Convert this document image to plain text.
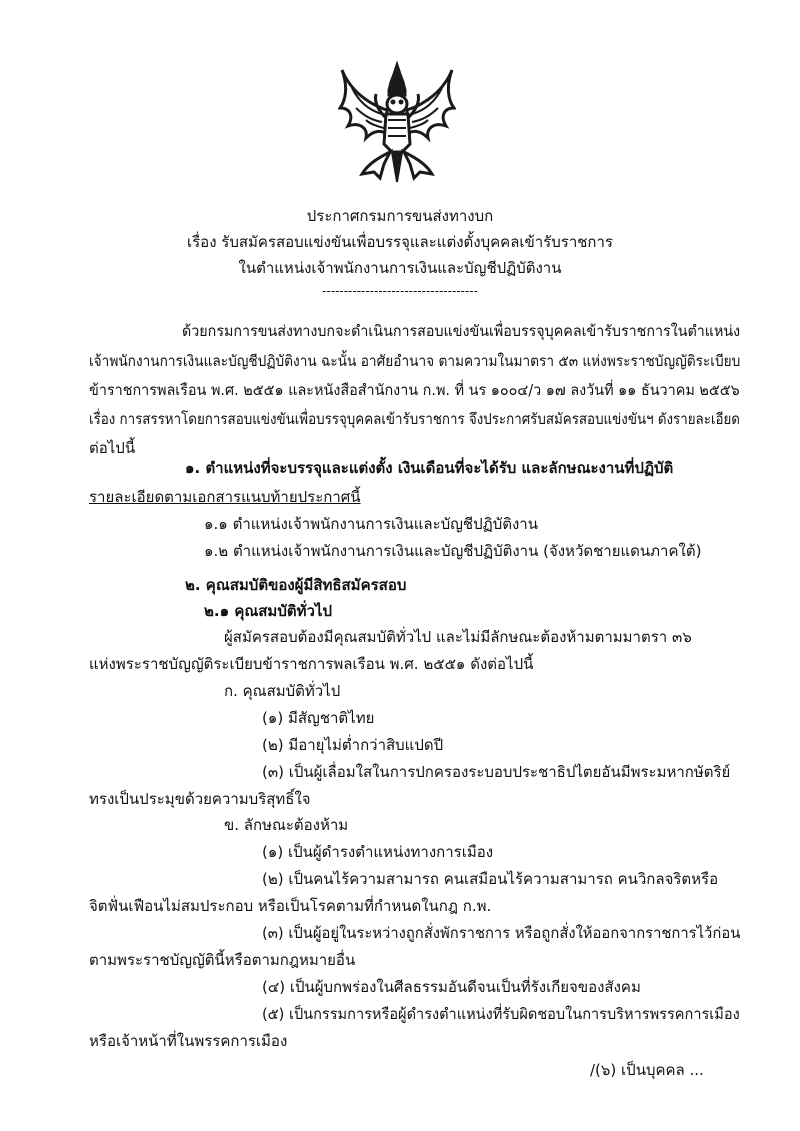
ประกาศกรมการขนส่งทางบก
เรื่อง รับสมัครสอบแข่งขันเพื่อบรรจุและแต่งตั้งบุคคลเข้ารับราชการ
ในตำแหน่งเจ้าพนักงานการเงินและบัญชีปฏิบัติงาน
------------------------------------
ด้วยกรมการขนส่งทางบกจะดำเนินการสอบแข่งขันเพื่อบรรจุบุคคลเข้ารับราชการในตำแหน่ง
เจ้าพนักงานการเงินและบัญชีปฏิบัติงาน ฉะนั้น อาศัยอำนาจ ตามความในมาตรา ๕๓ แห่งพระราชบัญญัติระเบียบ
ข้าราชการพลเรือน พ.ศ. ๒๕๕๑ และหนังสือสำนักงาน ก.พ. ที่ นร ๑๐๐๔/ว ๑๗ ลงวันที่ ๑๑ ธันวาคม ๒๕๕๖
เรื่อง การสรรหาโดยการสอบแข่งขันเพื่อบรรจุบุคคลเข้ารับราชการ จึงประกาศรับสมัครสอบแข่งขันฯ ดังรายละเอียด
ต่อไปนี้
๑. ตำแหน่งที่จะบรรจุและแต่งตั้ง เงินเดือนที่จะได้รับ และลักษณะงานที่ปฏิบัติ
รายละเอียดตามเอกสารแนบท้ายประกาศนี้
๑.๑ ตำแหน่งเจ้าพนักงานการเงินและบัญชีปฏิบัติงาน
๑.๒ ตำแหน่งเจ้าพนักงานการเงินและบัญชีปฏิบัติงาน (จังหวัดชายแดนภาคใต้)
๒. คุณสมบัติของผู้มีสิทธิสมัครสอบ
๒.๑ คุณสมบัติทั่วไป
ผู้สมัครสอบต้องมีคุณสมบัติทั่วไป และไม่มีลักษณะต้องห้ามตามมาตรา ๓๖
แห่งพระราชบัญญัติระเบียบข้าราชการพลเรือน พ.ศ. ๒๕๕๑ ดังต่อไปนี้
ก. คุณสมบัติทั่วไป
(๑) มีสัญชาติไทย
(๒) มีอายุไม่ต่ำกว่าสิบแปดปี
(๓) เป็นผู้เลื่อมใสในการปกครองระบอบประชาธิปไตยอันมีพระมหากษัตริย์
ทรงเป็นประมุขด้วยความบริสุทธิ์ใจ
ข. ลักษณะต้องห้าม
(๑) เป็นผู้ดำรงตำแหน่งทางการเมือง
(๒) เป็นคนไร้ความสามารถ คนเสมือนไร้ความสามารถ คนวิกลจริตหรือ
จิตฟั่นเฟือนไม่สมประกอบ หรือเป็นโรคตามที่กำหนดในกฎ ก.พ.
(๓) เป็นผู้อยู่ในระหว่างถูกสั่งพักราชการ หรือถูกสั่งให้ออกจากราชการไว้ก่อน
ตามพระราชบัญญัตินี้หรือตามกฎหมายอื่น
(๔) เป็นผู้บกพร่องในศีลธรรมอันดีจนเป็นที่รังเกียจของสังคม
(๕) เป็นกรรมการหรือผู้ดำรงตำแหน่งที่รับผิดชอบในการบริหารพรรคการเมือง
หรือเจ้าหน้าที่ในพรรคการเมือง
/(๖) เป็นบุคคล ...
